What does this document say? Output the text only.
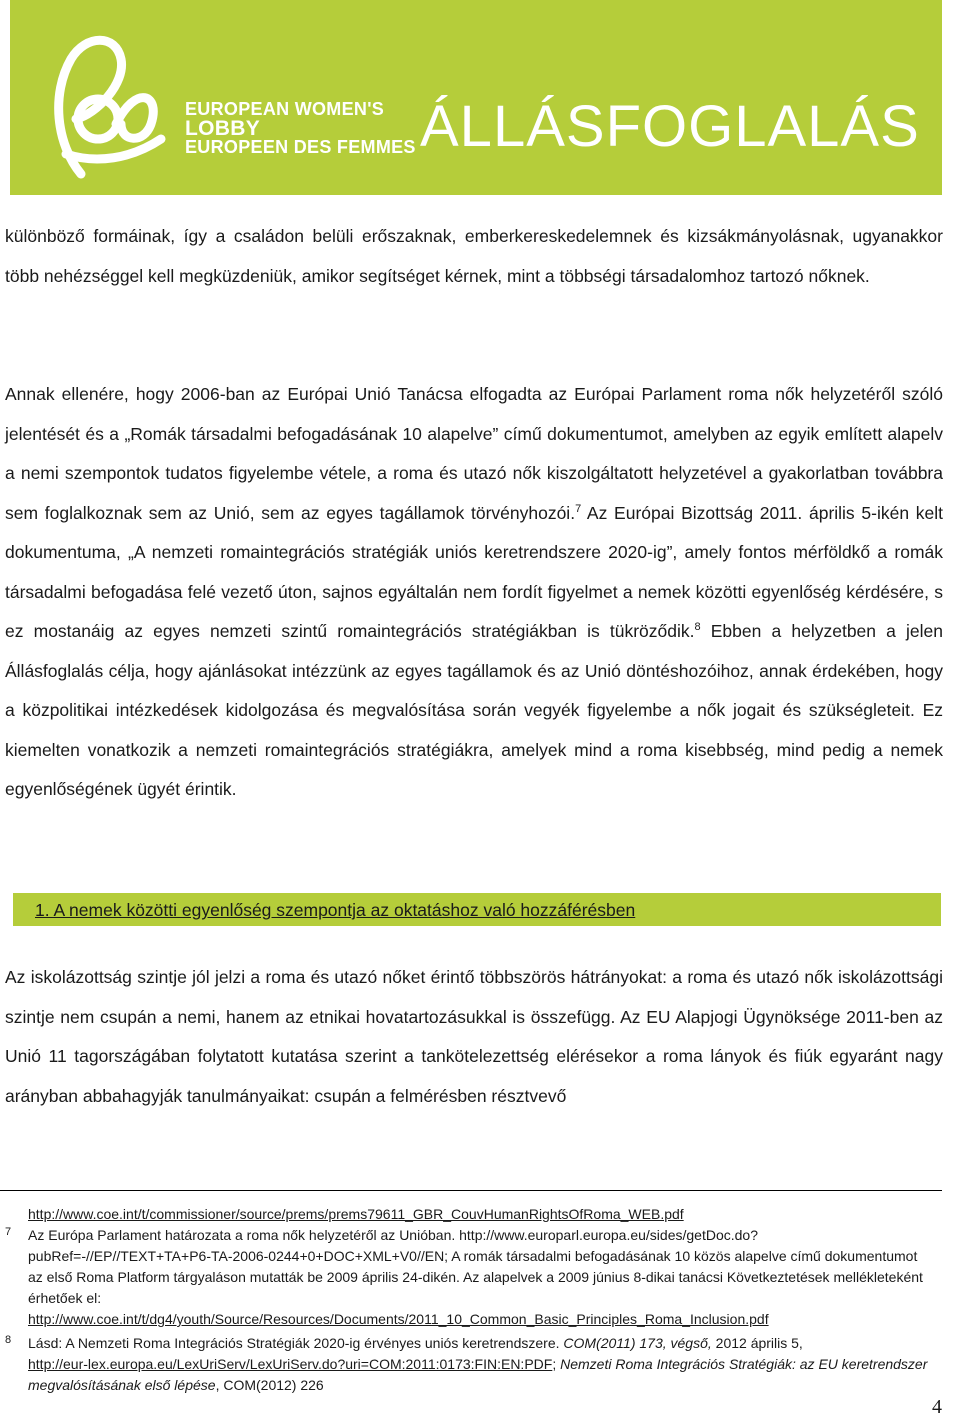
EUROPEAN WOMEN'S
LOBBY
EUROPEEN DES FEMMES ÁLLÁSFOGLALÁS

különböző formáinak, így a családon belüli erőszaknak, emberkereskedelemnek és kizsákmányolásnak, ugyanakkor több nehézséggel kell megküzdeniük, amikor segítséget kérnek, mint a többségi társadalomhoz tartozó nőknek.

Annak ellenére, hogy 2006-ban az Európai Unió Tanácsa elfogadta az Európai Parlament roma nők helyzetéről szóló jelentését és a „Romák társadalmi befogadásának 10 alapelve” című dokumentumot, amelyben az egyik említett alapelv a nemi szempontok tudatos figyelembe vétele, a roma és utazó nők kiszolgáltatott helyzetével a gyakorlatban továbbra sem foglalkoznak sem az Unió, sem az egyes tagállamok törvényhozói.$^7$ Az Európai Bizottság 2011. április 5-ikén kelt dokumentuma, „A nemzeti romaintegrációs stratégiák uniós keretrendszere 2020-ig”, amely fontos mérföldkő a romák társadalmi befogadása felé vezető úton, sajnos egyáltalán nem fordít figyelmet a nemek közötti egyenlőség kérdésére, s ez mostanáig az egyes nemzeti szintű romaintegrációs stratégiákban is tükröződik.$^8$ Ebben a helyzetben a jelen Állásfoglalás célja, hogy ajánlásokat intézzünk az egyes tagállamok és az Unió döntéshozóihoz, annak érdekében, hogy a közpolitikai intézkedések kidolgozása és megvalósítása során vegyék figyelembe a nők jogait és szükségleteit. Ez kiemelten vonatkozik a nemzeti romaintegrációs stratégiákra, amelyek mind a roma kisebbség, mind pedig a nemek egyenlőségének ügyét érintik.

1. A nemek közötti egyenlőség szempontja az oktatáshoz való hozzáférésben

Az iskolázottság szintje jól jelzi a roma és utazó nőket érintő többszörös hátrányokat: a roma és utazó nők iskolázottsági szintje nem csupán a nemi, hanem az etnikai hovatartozásukkal is összefügg. Az EU Alapjogi Ügynöksége 2011-ben az Unió 11 tagországában folytatott kutatása szerint a tankötelezettség elérésekor a roma lányok és fiúk egyaránt nagy arányban abbahagyják tanulmányaikat: csupán a felmérésben résztvevő

http://www.coe.int/t/commissioner/source/prems/prems79611_GBR_CouvHumanRightsOfRoma_WEB.pdf
7 Az Európa Parlament határozata a roma nők helyzetéről az Unióban. http://www.europarl.europa.eu/sides/getDoc.do?pubRef=-//EP//TEXT+TA+P6-TA-2006-0244+0+DOC+XML+V0//EN; A romák társadalmi befogadásának 10 közös alapelve című dokumentumot az első Roma Platform tárgyaláson mutatták be 2009 április 24-dikén. Az alapelvek a 2009 június 8-dikai tanácsi Következtetések mellékleteként érhetőek el:
http://www.coe.int/t/dg4/youth/Source/Resources/Documents/2011_10_Common_Basic_Principles_Roma_Inclusion.pdf
8 Lásd: A Nemzeti Roma Integrációs Stratégiák 2020-ig érvényes uniós keretrendszere. COM(2011) 173, végső, 2012 április 5,
http://eur-lex.europa.eu/LexUriServ/LexUriServ.do?uri=COM:2011:0173:FIN:EN:PDF; Nemzeti Roma Integrációs Stratégiák: az EU keretrendszer megvalósításának első lépése, COM(2012) 226
4
